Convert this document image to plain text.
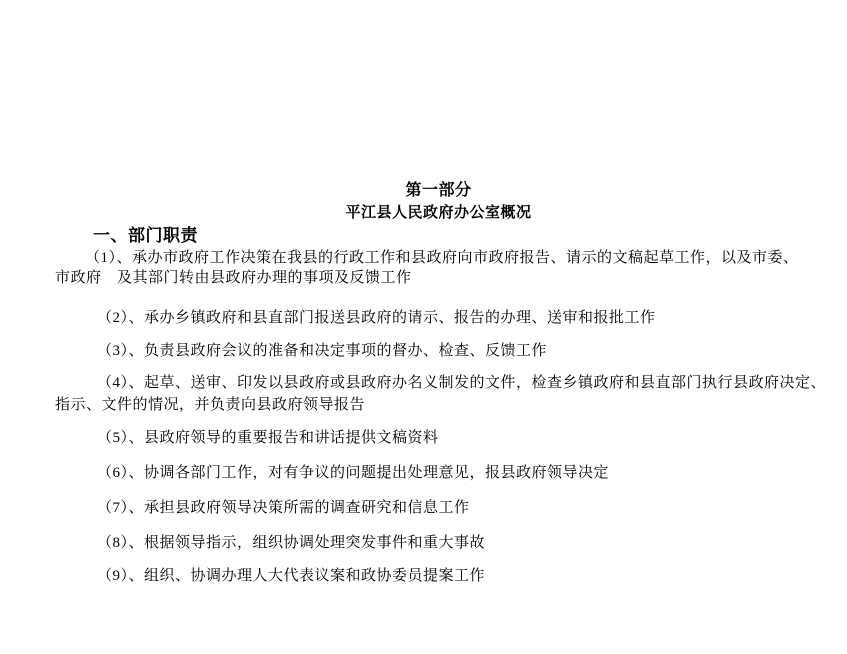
第一部分
平江县人民政府办公室概况
一、部门职责
（1）、承办市政府工作决策在我县的行政工作和县政府向市政府报告、请示的文稿起草工作，以及市委、
市政府　及其部门转由县政府办理的事项及反馈工作
（2）、承办乡镇政府和县直部门报送县政府的请示、报告的办理、送审和报批工作
（3）、负责县政府会议的准备和决定事项的督办、检查、反馈工作
（4）、起草、送审、印发以县政府或县政府办名义制发的文件，检查乡镇政府和县直部门执行县政府决定、
指示、文件的情况，并负责向县政府领导报告
（5）、县政府领导的重要报告和讲话提供文稿资料
（6）、协调各部门工作，对有争议的问题提出处理意见，报县政府领导决定
（7）、承担县政府领导决策所需的调查研究和信息工作
（8）、根据领导指示，组织协调处理突发事件和重大事故
（9）、组织、协调办理人大代表议案和政协委员提案工作
